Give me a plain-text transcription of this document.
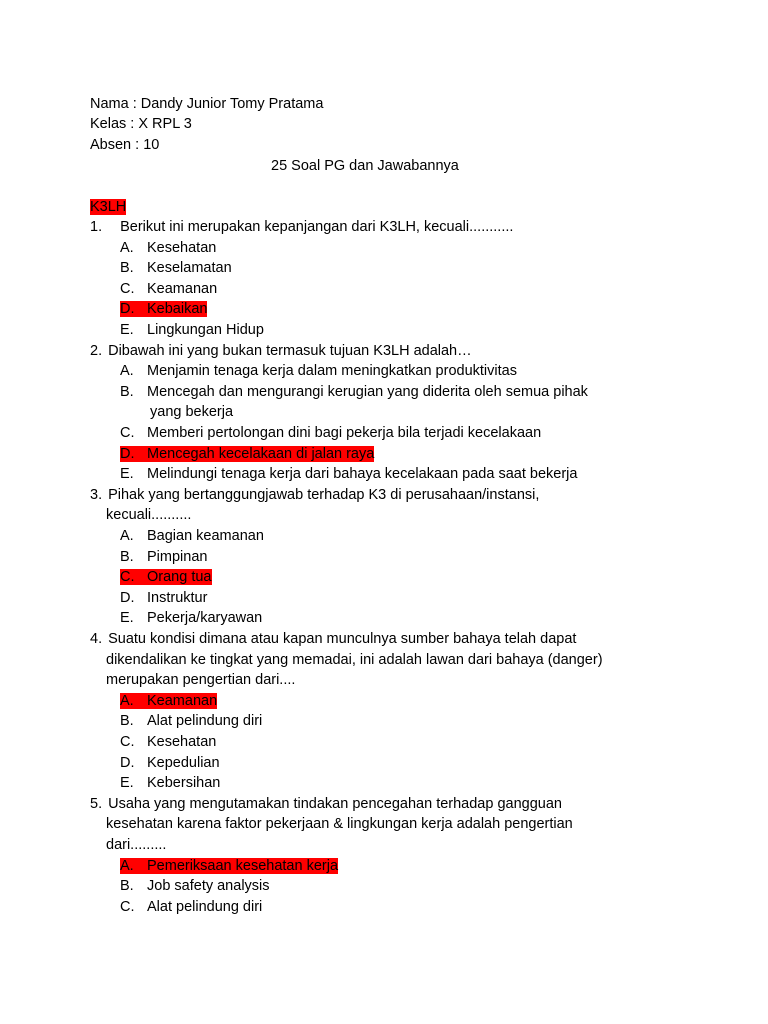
Nama : Dandy Junior Tomy Pratama
Kelas : X RPL 3
Absen : 10
25 Soal PG dan Jawabannya
K3LH
1. Berikut ini merupakan kepanjangan dari K3LH, kecuali...........
A. Kesehatan
B. Keselamatan
C. Keamanan
D. Kebaikan
E. Lingkungan Hidup
2. Dibawah ini yang bukan termasuk tujuan K3LH adalah…
A. Menjamin tenaga kerja dalam meningkatkan produktivitas
B. Mencegah dan mengurangi kerugian yang diderita oleh semua pihak
yang bekerja
C. Memberi pertolongan dini bagi pekerja bila terjadi kecelakaan
D. Mencegah kecelakaan di jalan raya
E. Melindungi tenaga kerja dari bahaya kecelakaan pada saat bekerja
3. Pihak yang bertanggungjawab terhadap K3 di perusahaan/instansi,
kecuali..........
A. Bagian keamanan
B. Pimpinan
C. Orang tua
D. Instruktur
E. Pekerja/karyawan
4. Suatu kondisi dimana atau kapan munculnya sumber bahaya telah dapat
dikendalikan ke tingkat yang memadai, ini adalah lawan dari bahaya (danger)
merupakan pengertian dari....
A. Keamanan
B. Alat pelindung diri
C. Kesehatan
D. Kepedulian
E. Kebersihan
5. Usaha yang mengutamakan tindakan pencegahan terhadap gangguan
kesehatan karena faktor pekerjaan & lingkungan kerja adalah pengertian
dari.........
A. Pemeriksaan kesehatan kerja
B. Job safety analysis
C. Alat pelindung diri
